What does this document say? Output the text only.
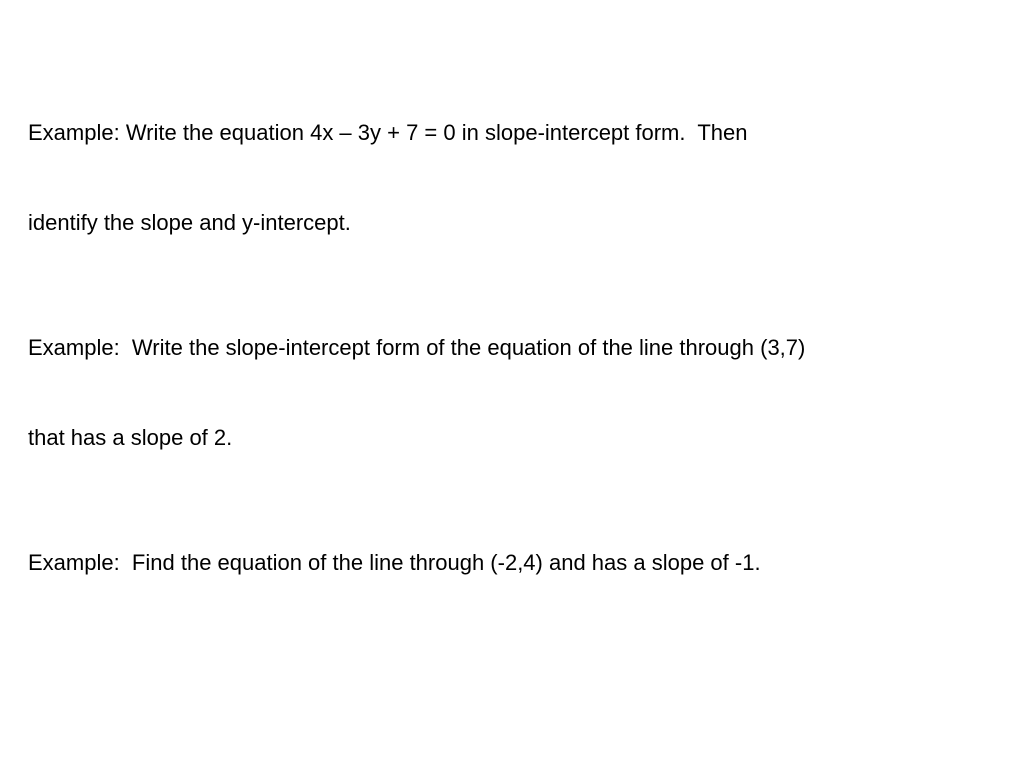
Example: Write the equation 4x – 3y + 7 = 0 in slope-intercept form.  Then

identify the slope and y-intercept.

Example:  Write the slope-intercept form of the equation of the line through (3,7)

that has a slope of 2.

Example:  Find the equation of the line through (-2,4) and has a slope of -1.
